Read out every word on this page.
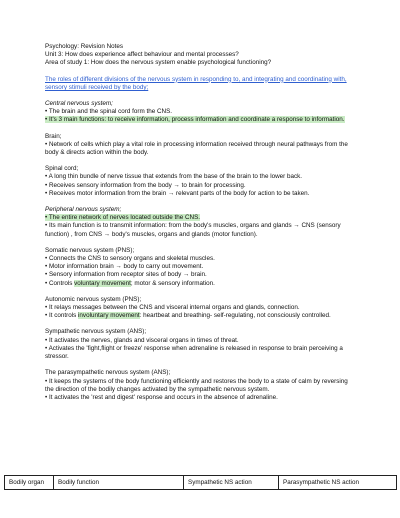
Psychology: Revision Notes
Unit 3: How does experience affect behaviour and mental processes?
Area of study 1: How does the nervous system enable psychological functioning?
The roles of different divisions of the nervous system in responding to, and integrating and coordinating with, sensory stimuli received by the body;
Central nervous system;
• The brain and the spinal cord form the CNS.
• It's 3 main functions: to receive information, process information and coordinate a response to information.
Brain;
• Network of cells which play a vital role in processing information received through neural pathways from the body & directs action within the body.
Spinal cord;
• A long thin bundle of nerve tissue that extends from the base of the brain to the lower back.
• Receives sensory information from the body → to brain for processing.
• Receives motor information from the brain → relevant parts of the body for action to be taken.
Peripheral nervous system;
• The entire network of nerves located outside the CNS.
• Its main function is to transmit information: from the body's muscles, organs and glands → CNS (sensory function) , from CNS → body's muscles, organs and glands (motor function).
Somatic nervous system (PNS);
• Connects the CNS to sensory organs and skeletal muscles.
• Motor information brain → body to carry out movement.
• Sensory information from receptor sites of body → brain.
• Controls voluntary movement; motor & sensory information.
Autonomic nervous system (PNS);
• It relays messages between the CNS and visceral internal organs and glands, connection.
• It controls involuntary movement: heartbeat and breathing- self-regulating, not consciously controlled.
Sympathetic nervous system (ANS);
• It activates the nerves, glands and visceral organs in times of threat.
• Activates the 'fight,flight or freeze' response when adrenaline is released in response to brain perceiving a stressor.
The parasympathetic nervous system (ANS);
• It keeps the systems of the body functioning efficiently and restores the body to a state of calm by reversing the direction of the bodily changes activated by the sympathetic nervous system.
• It activates the 'rest and digest' response and occurs in the absence of adrenaline.
Bodily organ	Bodily function	Sympathetic NS action	Parasympathetic NS action
